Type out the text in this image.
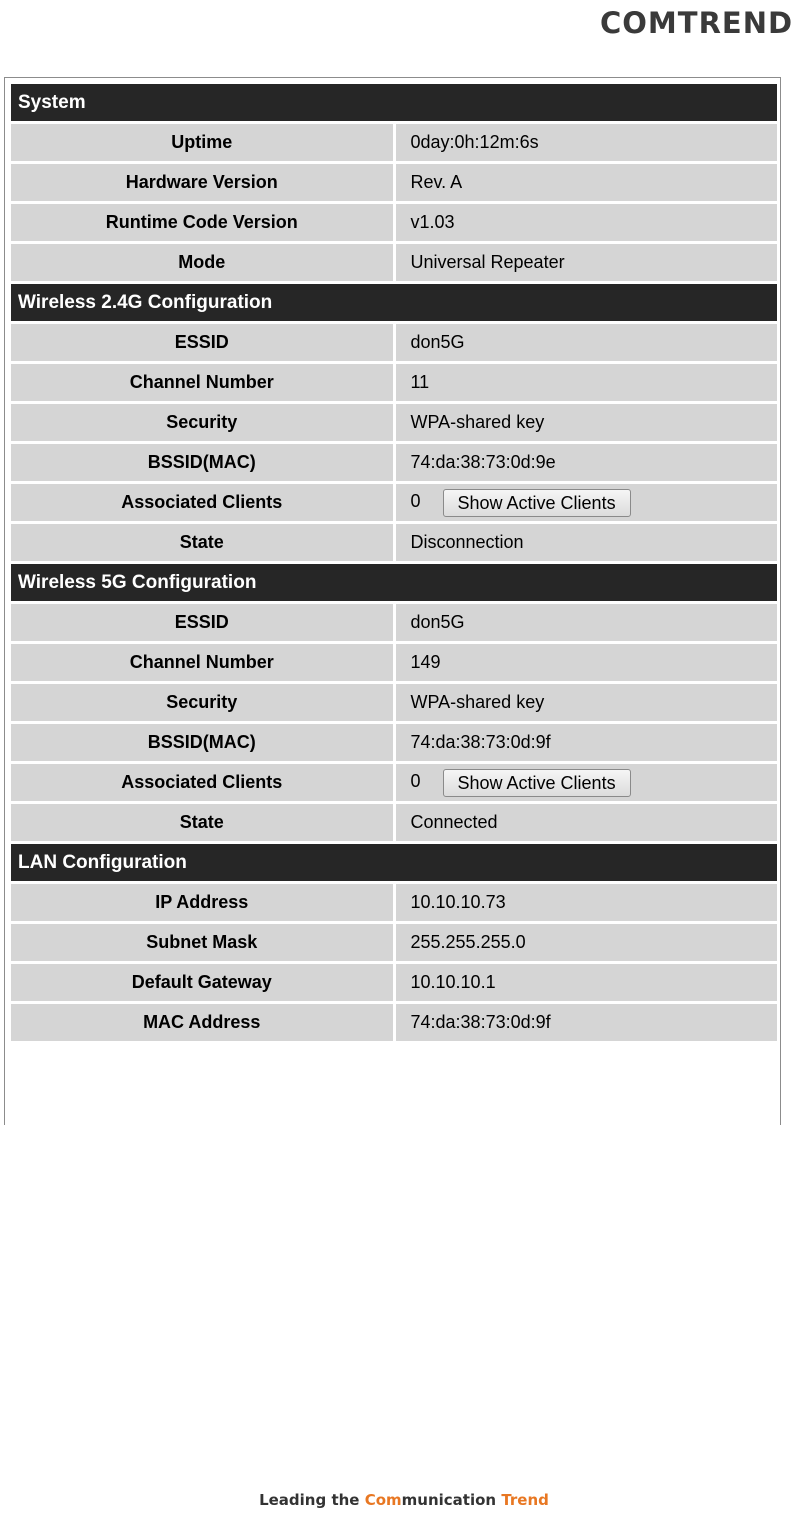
COMTREND
System	
Uptime	0day:0h:12m:6s
Hardware Version	Rev. A
Runtime Code Version	v1.03
Mode	Universal Repeater
Wireless 2.4G Configuration	
ESSID	don5G
Channel Number	11
Security	WPA-shared key
BSSID(MAC)	74:da:38:73:0d:9e
Associated Clients	0 Show Active Clients
State	Disconnection
Wireless 5G Configuration	
ESSID	don5G
Channel Number	149
Security	WPA-shared key
BSSID(MAC)	74:da:38:73:0d:9f
Associated Clients	0 Show Active Clients
State	Connected
LAN Configuration	
IP Address	10.10.10.73
Subnet Mask	255.255.255.0
Default Gateway	10.10.10.1
MAC Address	74:da:38:73:0d:9f
Leading the Communication Trend
